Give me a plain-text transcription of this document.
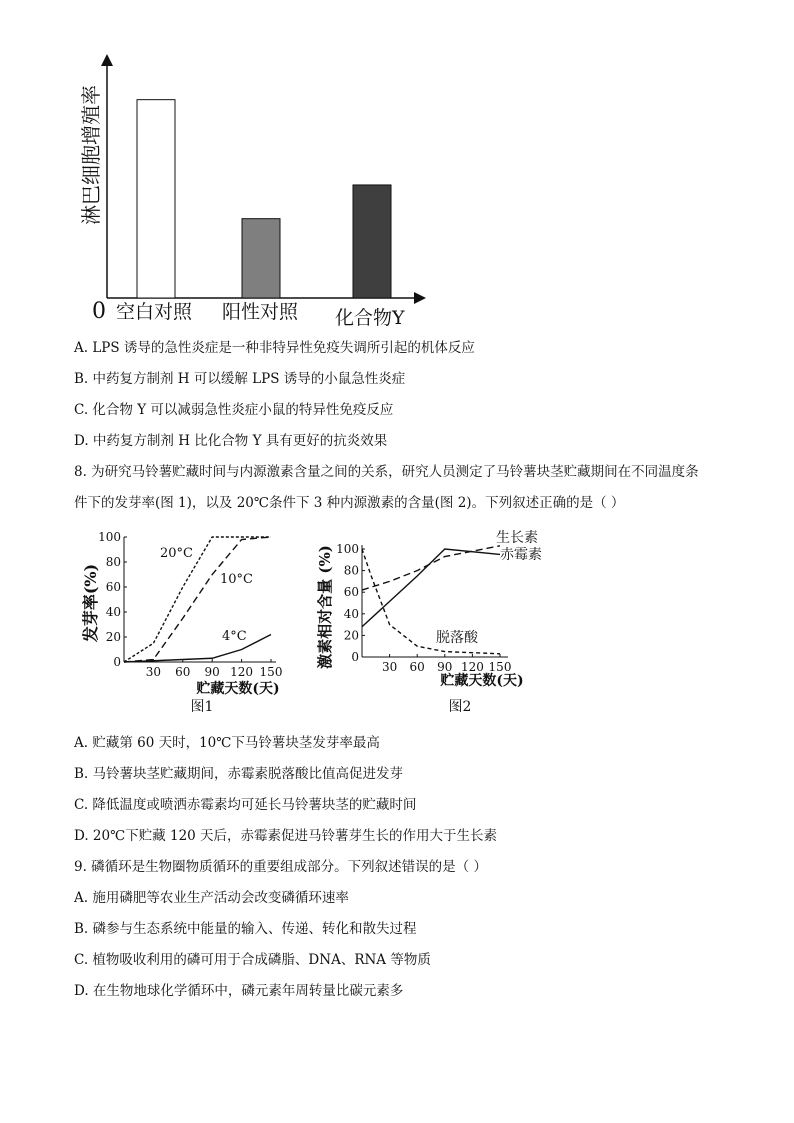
淋巴细胞增殖率
0 空白对照 阳性对照 化合物Y
A. LPS 诱导的急性炎症是一种非特异性免疫失调所引起的机体反应
B. 中药复方制剂 H 可以缓解 LPS 诱导的小鼠急性炎症
C. 化合物 Y 可以减弱急性炎症小鼠的特异性免疫反应
D. 中药复方制剂 H 比化合物 Y 具有更好的抗炎效果
8. 为研究马铃薯贮藏时间与内源激素含量之间的关系，研究人员测定了马铃薯块茎贮藏期间在不同温度条
件下的发芽率(图 1)，以及 20℃条件下 3 种内源激素的含量(图 2)。下列叙述正确的是（ ）
0
20
40
60
80
100
30 60 90 120 150
发芽率(%)
贮藏天数(天)
图1
20°C
10°C
4°C
0
20
40
60
80
100
30 60 90 120 150
激素相对含量 (%)
贮藏天数(天)
图2
生长素
赤霉素
脱落酸
A. 贮藏第 60 天时，10℃下马铃薯块茎发芽率最高
B. 马铃薯块茎贮藏期间，赤霉素脱落酸比值高促进发芽
C. 降低温度或喷洒赤霉素均可延长马铃薯块茎的贮藏时间
D. 20℃下贮藏 120 天后，赤霉素促进马铃薯芽生长的作用大于生长素
9. 磷循环是生物圈物质循环的重要组成部分。下列叙述错误的是（ ）
A. 施用磷肥等农业生产活动会改变磷循环速率
B. 磷参与生态系统中能量的输入、传递、转化和散失过程
C. 植物吸收利用的磷可用于合成磷脂、DNA、RNA 等物质
D. 在生物地球化学循环中，磷元素年周转量比碳元素多
